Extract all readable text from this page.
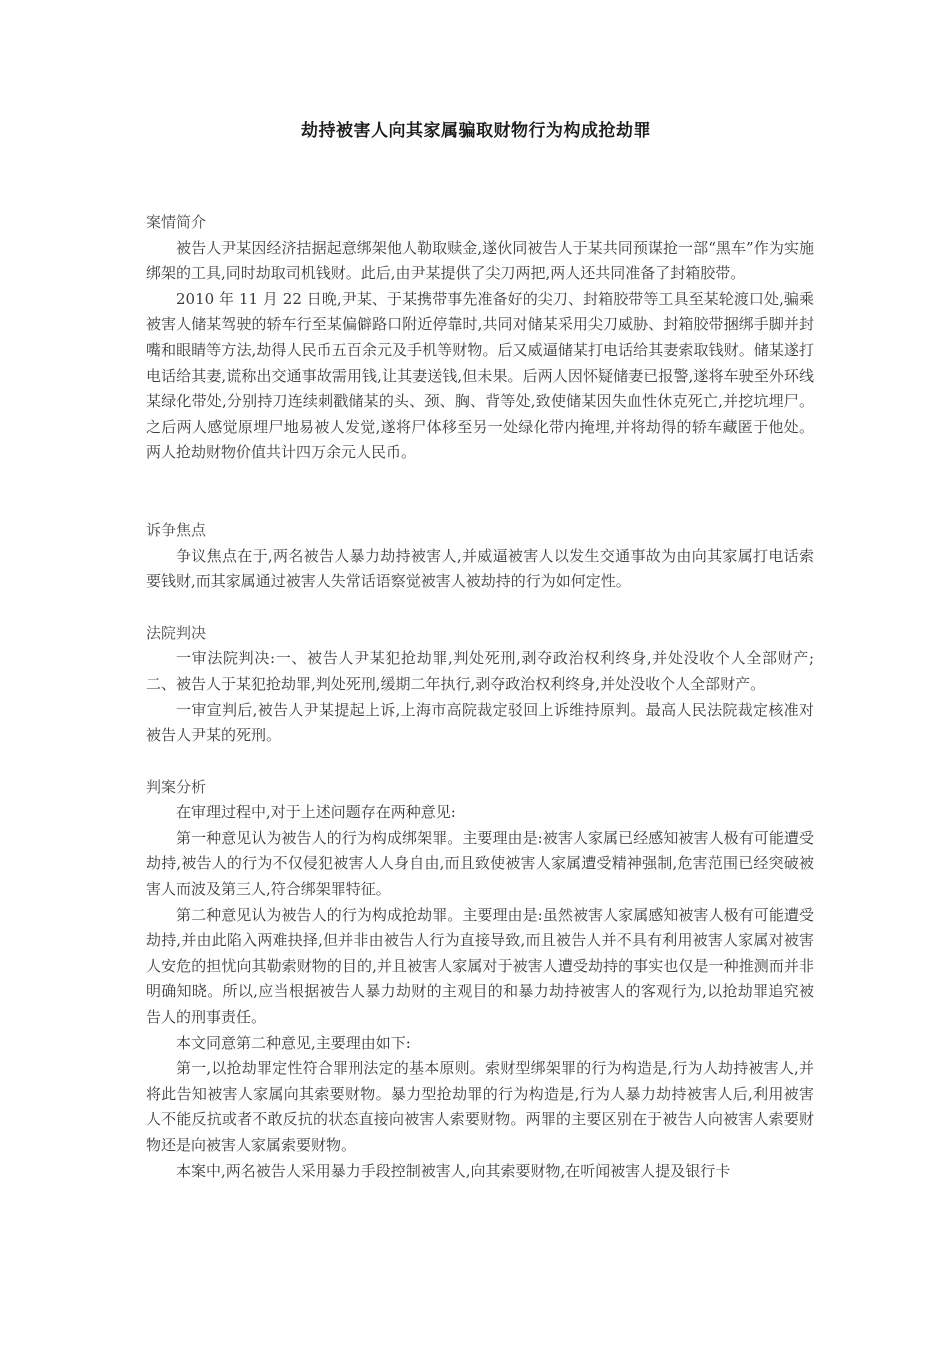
劫持被害人向其家属骗取财物行为构成抢劫罪

案情简介

被告人尹某因经济拮据起意绑架他人勒取赎金,遂伙同被告人于某共同预谋抢一部“黑车”作为实施绑架的工具,同时劫取司机钱财。此后,由尹某提供了尖刀两把,两人还共同准备了封箱胶带。

2010 年 11 月 22 日晚,尹某、于某携带事先准备好的尖刀、封箱胶带等工具至某轮渡口处,骗乘被害人储某驾驶的轿车行至某偏僻路口附近停靠时,共同对储某采用尖刀威胁、封箱胶带捆绑手脚并封嘴和眼睛等方法,劫得人民币五百余元及手机等财物。后又威逼储某打电话给其妻索取钱财。储某遂打电话给其妻,谎称出交通事故需用钱,让其妻送钱,但未果。后两人因怀疑储妻已报警,遂将车驶至外环线某绿化带处,分别持刀连续刺戳储某的头、颈、胸、背等处,致使储某因失血性休克死亡,并挖坑埋尸。之后两人感觉原埋尸地易被人发觉,遂将尸体移至另一处绿化带内掩埋,并将劫得的轿车藏匿于他处。两人抢劫财物价值共计四万余元人民币。

诉争焦点

争议焦点在于,两名被告人暴力劫持被害人,并威逼被害人以发生交通事故为由向其家属打电话索要钱财,而其家属通过被害人失常话语察觉被害人被劫持的行为如何定性。

法院判决

一审法院判决:一、被告人尹某犯抢劫罪,判处死刑,剥夺政治权利终身,并处没收个人全部财产;二、被告人于某犯抢劫罪,判处死刑,缓期二年执行,剥夺政治权利终身,并处没收个人全部财产。

一审宣判后,被告人尹某提起上诉,上海市高院裁定驳回上诉维持原判。最高人民法院裁定核准对被告人尹某的死刑。

判案分析

在审理过程中,对于上述问题存在两种意见:

第一种意见认为被告人的行为构成绑架罪。主要理由是:被害人家属已经感知被害人极有可能遭受劫持,被告人的行为不仅侵犯被害人人身自由,而且致使被害人家属遭受精神强制,危害范围已经突破被害人而波及第三人,符合绑架罪特征。

第二种意见认为被告人的行为构成抢劫罪。主要理由是:虽然被害人家属感知被害人极有可能遭受劫持,并由此陷入两难抉择,但并非由被告人行为直接导致,而且被告人并不具有利用被害人家属对被害人安危的担忧向其勒索财物的目的,并且被害人家属对于被害人遭受劫持的事实也仅是一种推测而并非明确知晓。所以,应当根据被告人暴力劫财的主观目的和暴力劫持被害人的客观行为,以抢劫罪追究被告人的刑事责任。

本文同意第二种意见,主要理由如下:

第一,以抢劫罪定性符合罪刑法定的基本原则。索财型绑架罪的行为构造是,行为人劫持被害人,并将此告知被害人家属向其索要财物。暴力型抢劫罪的行为构造是,行为人暴力劫持被害人后,利用被害人不能反抗或者不敢反抗的状态直接向被害人索要财物。两罪的主要区别在于被告人向被害人索要财物还是向被害人家属索要财物。

本案中,两名被告人采用暴力手段控制被害人,向其索要财物,在听闻被害人提及银行卡
